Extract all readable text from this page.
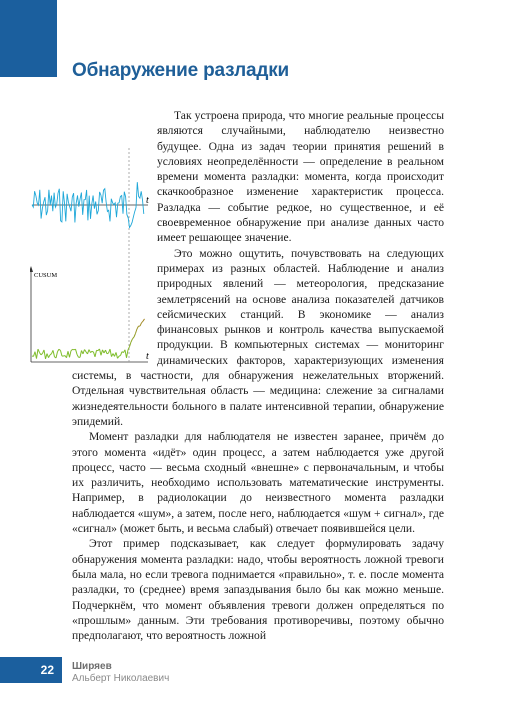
Обнаружение разладки

t
t
CUSUM
Так устроена природа, что многие реальные процессы являются случайными, наблюдателю неизвестно будущее. Одна из задач теории принятия решений в условиях неопределённости — определение в реальном времени момента разладки: момента, когда происходит скачкообразное изменение характеристик процесса. Разладка — событие редкое, но существенное, и её своевременное обнаружение при анализе данных часто имеет решающее значение.

Это можно ощутить, почувствовать на следующих примерах из разных областей. Наблюдение и анализ природных явлений — метеорология, предсказание землетрясений на основе анализа показателей датчиков сейсмических станций. В экономике — анализ финансовых рынков и контроль качества выпускаемой продукции. В компьютерных системах — мониторинг динамических факторов, характеризующих изменения системы, в частности, для обнаружения нежелательных вторжений. Отдельная чувствительная область — медицина: слежение за сигналами жизнедеятельности больного в палате интенсивной терапии, обнаружение эпидемий.

Момент разладки для наблюдателя не известен заранее, причём до этого момента «идёт» один процесс, а затем наблюдается уже другой процесс, часто — весьма сходный «внешне» с первоначальным, и чтобы их различить, необходимо использовать математические инструменты. Например, в радиолокации до неизвестного момента разладки наблюдается «шум», а затем, после него, наблюдается «шум + сигнал», где «сигнал» (может быть, и весьма слабый) отвечает появившейся цели.

Этот пример подсказывает, как следует формулировать задачу обнаружения момента разладки: надо, чтобы вероятность ложной тревоги была мала, но если тревога поднимается «правильно», т. е. после момента разладки, то (среднее) время запаздывания было бы как можно меньше. Подчеркнём, что момент объявления тревоги должен определяться по «прошлым» данным. Эти требования противоречивы, поэтому обычно предполагают, что вероятность ложной

Ширяев
Альберт Николаевич
22
